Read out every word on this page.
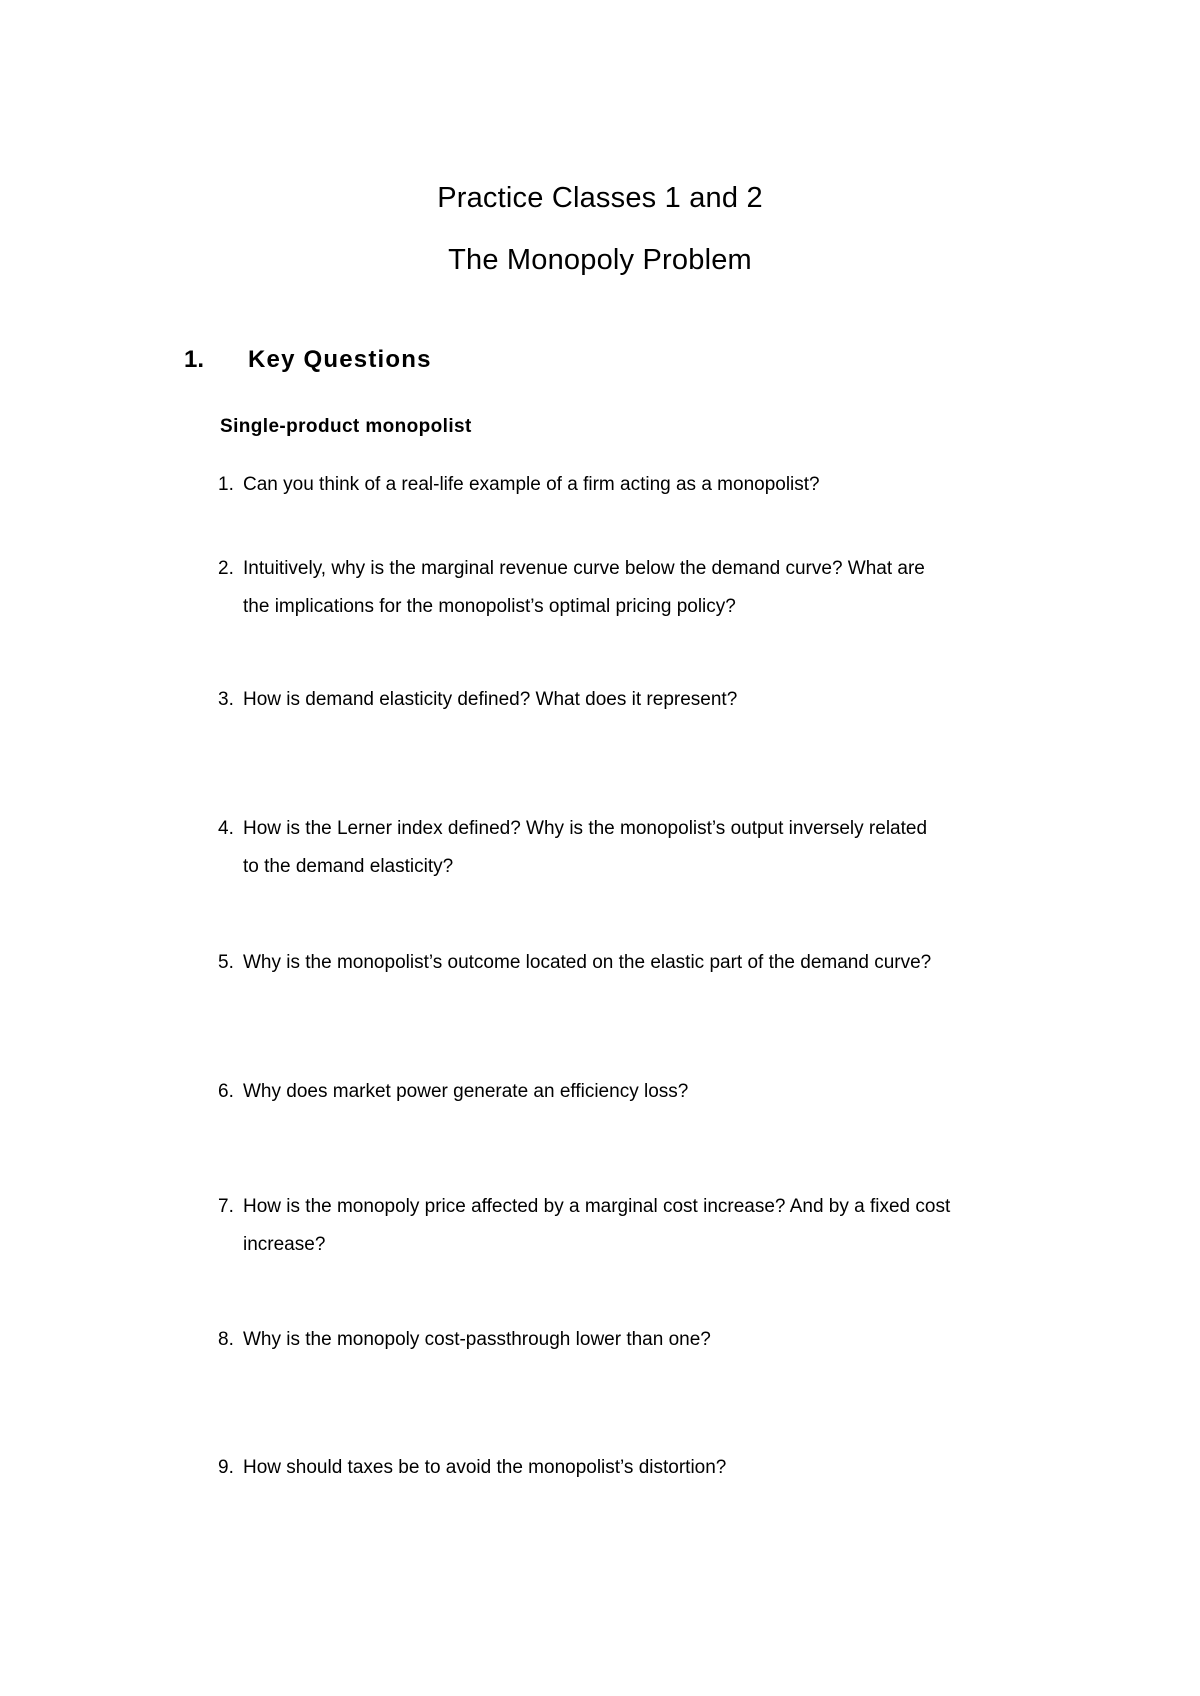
Practice Classes 1 and 2
The Monopoly Problem
1. Key Questions
Single-product monopolist
1. Can you think of a real-life example of a firm acting as a monopolist?
2. Intuitively, why is the marginal revenue curve below the demand curve? What are
the implications for the monopolist’s optimal pricing policy?
3. How is demand elasticity defined? What does it represent?
4. How is the Lerner index defined? Why is the monopolist’s output inversely related
to the demand elasticity?
5. Why is the monopolist’s outcome located on the elastic part of the demand curve?
6. Why does market power generate an efficiency loss?
7. How is the monopoly price affected by a marginal cost increase? And by a fixed cost
increase?
8. Why is the monopoly cost-passthrough lower than one?
9. How should taxes be to avoid the monopolist’s distortion?
